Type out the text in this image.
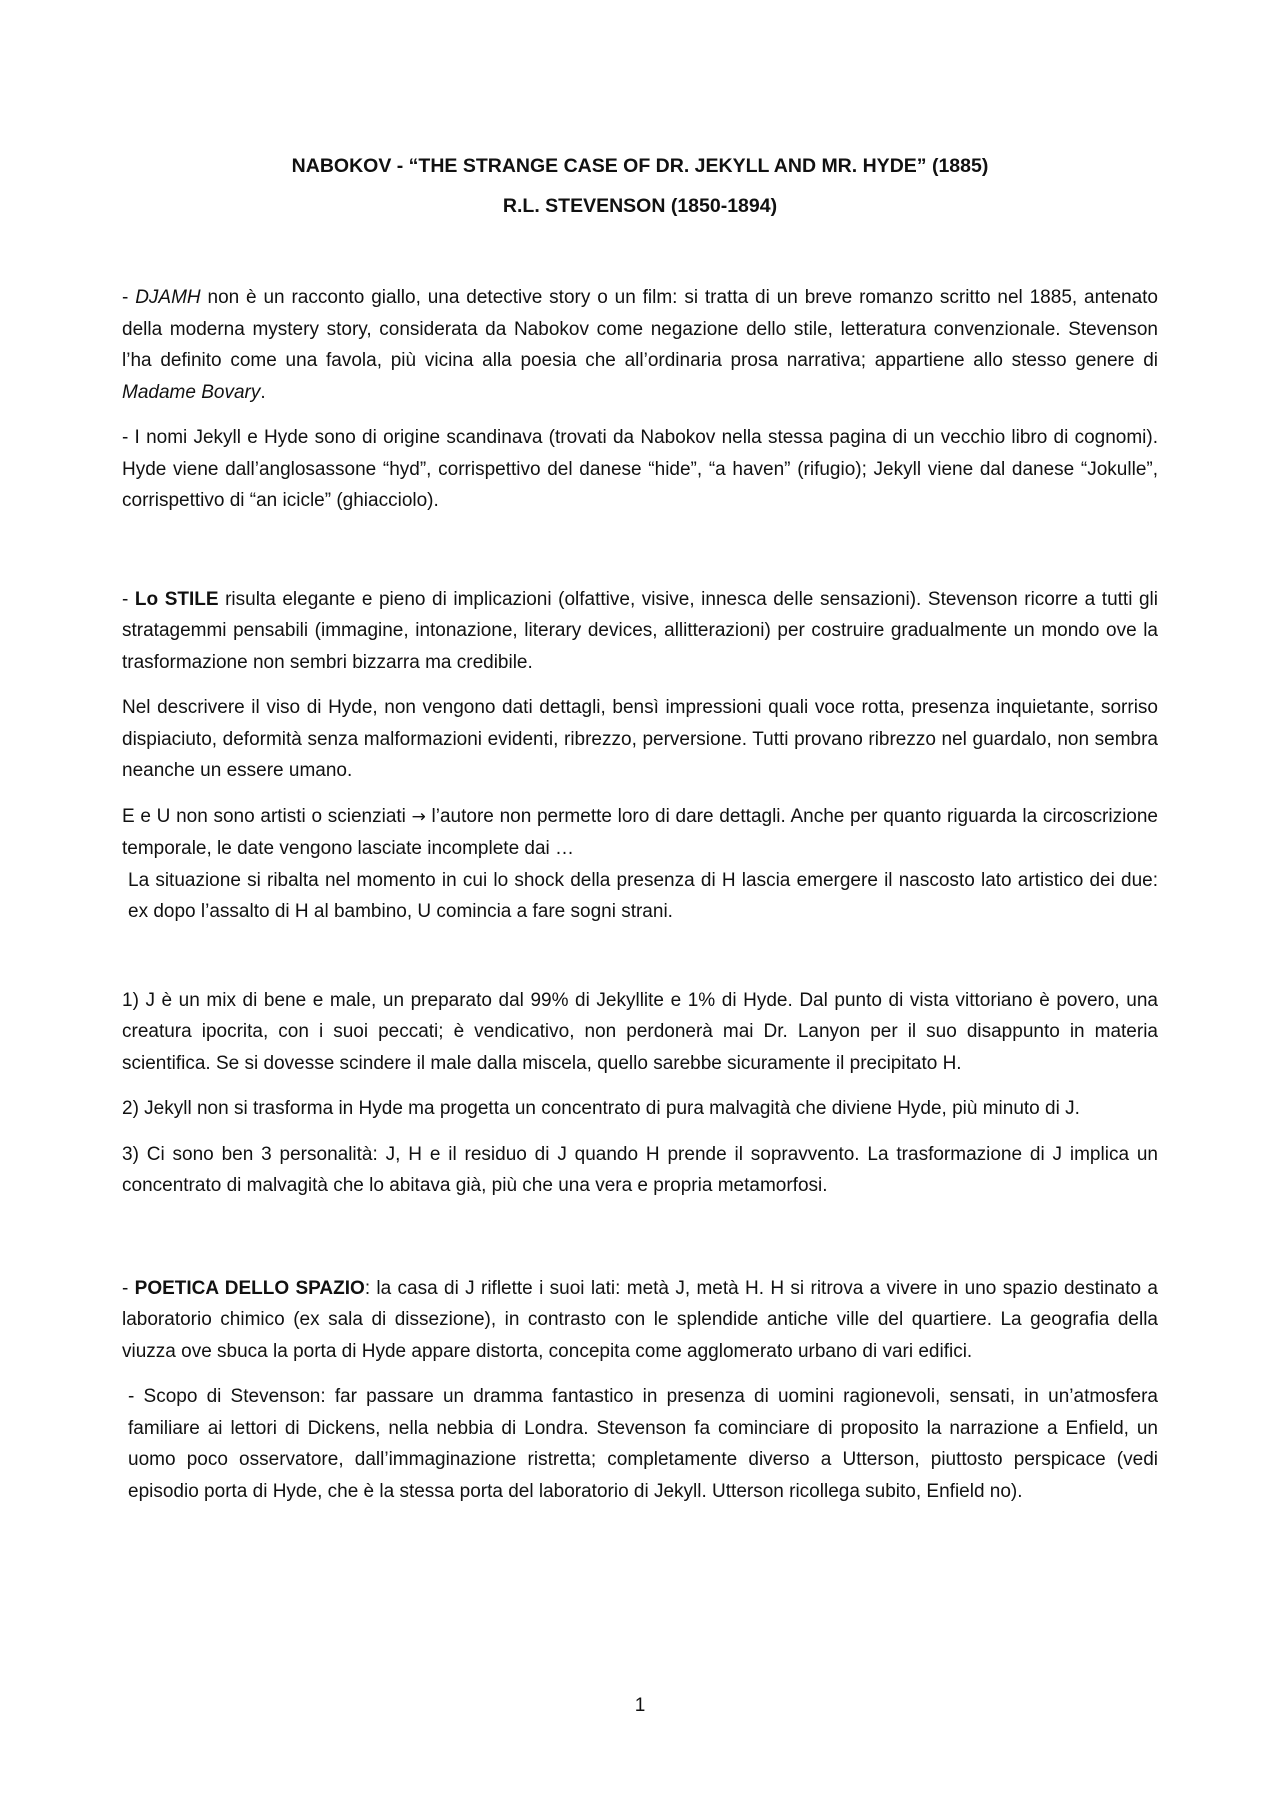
NABOKOV - “THE STRANGE CASE OF DR. JEKYLL AND MR. HYDE” (1885)
R.L. STEVENSON (1850-1894)

- DJAMH non è un racconto giallo, una detective story o un film: si tratta di un breve romanzo scritto nel 1885, antenato della moderna mystery story, considerata da Nabokov come negazione dello stile, letteratura convenzionale. Stevenson l’ha definito come una favola, più vicina alla poesia che all’ordinaria prosa narrativa; appartiene allo stesso genere di Madame Bovary.

- I nomi Jekyll e Hyde sono di origine scandinava (trovati da Nabokov nella stessa pagina di un vecchio libro di cognomi). Hyde viene dall’anglosassone “hyd”, corrispettivo del danese “hide”, “a haven” (rifugio); Jekyll viene dal danese “Jokulle”, corrispettivo di “an icicle” (ghiacciolo).

- Lo STILE risulta elegante e pieno di implicazioni (olfattive, visive, innesca delle sensazioni). Stevenson ricorre a tutti gli stratagemmi pensabili (immagine, intonazione, literary devices, allitterazioni) per costruire gradualmente un mondo ove la trasformazione non sembri bizzarra ma credibile.

Nel descrivere il viso di Hyde, non vengono dati dettagli, bensì impressioni quali voce rotta, presenza inquietante, sorriso dispiaciuto, deformità senza malformazioni evidenti, ribrezzo, perversione. Tutti provano ribrezzo nel guardalo, non sembra neanche un essere umano.

E e U non sono artisti o scienziati → l’autore non permette loro di dare dettagli. Anche per quanto riguarda la circoscrizione temporale, le date vengono lasciate incomplete dai …

La situazione si ribalta nel momento in cui lo shock della presenza di H lascia emergere il nascosto lato artistico dei due: ex dopo l’assalto di H al bambino, U comincia a fare sogni strani.

1) J è un mix di bene e male, un preparato dal 99% di Jekyllite e 1% di Hyde. Dal punto di vista vittoriano è povero, una creatura ipocrita, con i suoi peccati; è vendicativo, non perdonerà mai Dr. Lanyon per il suo disappunto in materia scientifica. Se si dovesse scindere il male dalla miscela, quello sarebbe sicuramente il precipitato H.

2) Jekyll non si trasforma in Hyde ma progetta un concentrato di pura malvagità che diviene Hyde, più minuto di J.

3) Ci sono ben 3 personalità: J, H e il residuo di J quando H prende il sopravvento. La trasformazione di J implica un concentrato di malvagità che lo abitava già, più che una vera e propria metamorfosi.

- POETICA DELLO SPAZIO: la casa di J riflette i suoi lati: metà J, metà H. H si ritrova a vivere in uno spazio destinato a laboratorio chimico (ex sala di dissezione), in contrasto con le splendide antiche ville del quartiere. La geografia della viuzza ove sbuca la porta di Hyde appare distorta, concepita come agglomerato urbano di vari edifici.

- Scopo di Stevenson: far passare un dramma fantastico in presenza di uomini ragionevoli, sensati, in un’atmosfera familiare ai lettori di Dickens, nella nebbia di Londra. Stevenson fa cominciare di proposito la narrazione a Enfield, un uomo poco osservatore, dall’immaginazione ristretta; completamente diverso a Utterson, piuttosto perspicace (vedi episodio porta di Hyde, che è la stessa porta del laboratorio di Jekyll. Utterson ricollega subito, Enfield no).

1
